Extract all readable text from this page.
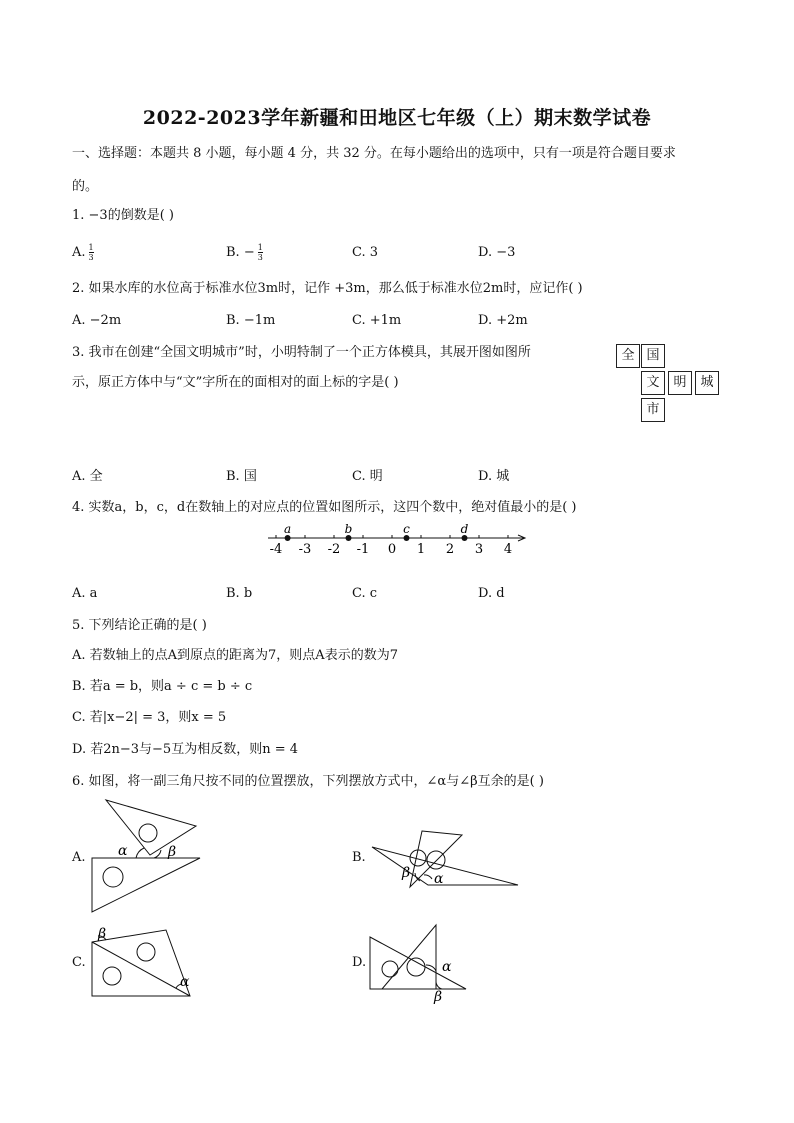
2022-2023学年新疆和田地区七年级（上）期末数学试卷
一、选择题：本题共 8 小题，每小题 4 分，共 32 分。在每小题给出的选项中，只有一项是符合题目要求
的。
1. −3的倒数是( )
A. $\frac{1}{3}$	B. − $\frac{1}{3}$	C. 3	D. −3
2. 如果水库的水位高于标准水位3m时，记作 +3m，那么低于标准水位2m时，应记作( )
A. −2m	B. −1m	C. +1m	D. +2m
3. 我市在创建“全国文明城市”时，小明特制了一个正方体模具，其展开图如图所
示，原正方体中与“文”字所在的面相对的面上标的字是( )
全 国
文	明	城
市
A. 全	B. 国	C. 明	D. 城
4. 实数a，b，c，d在数轴上的对应点的位置如图所示，这四个数中，绝对值最小的是( )
-4 -3 -2 -1 0 1 2 3 4
a	b	c	d
A. a	B. b	C. c	D. d
5. 下列结论正确的是( )
A. 若数轴上的点A到原点的距离为7，则点A表示的数为7
B. 若a = b，则a ÷ c = b ÷ c
C. 若|x−2| = 3，则x = 5
D. 若2n−3与−5互为相反数，则n = 4
6. 如图，将一副三角尺按不同的位置摆放，下列摆放方式中，∠α与∠β互余的是( )
A. α	β	B.
β α
C.
β
α
D.	α
β
